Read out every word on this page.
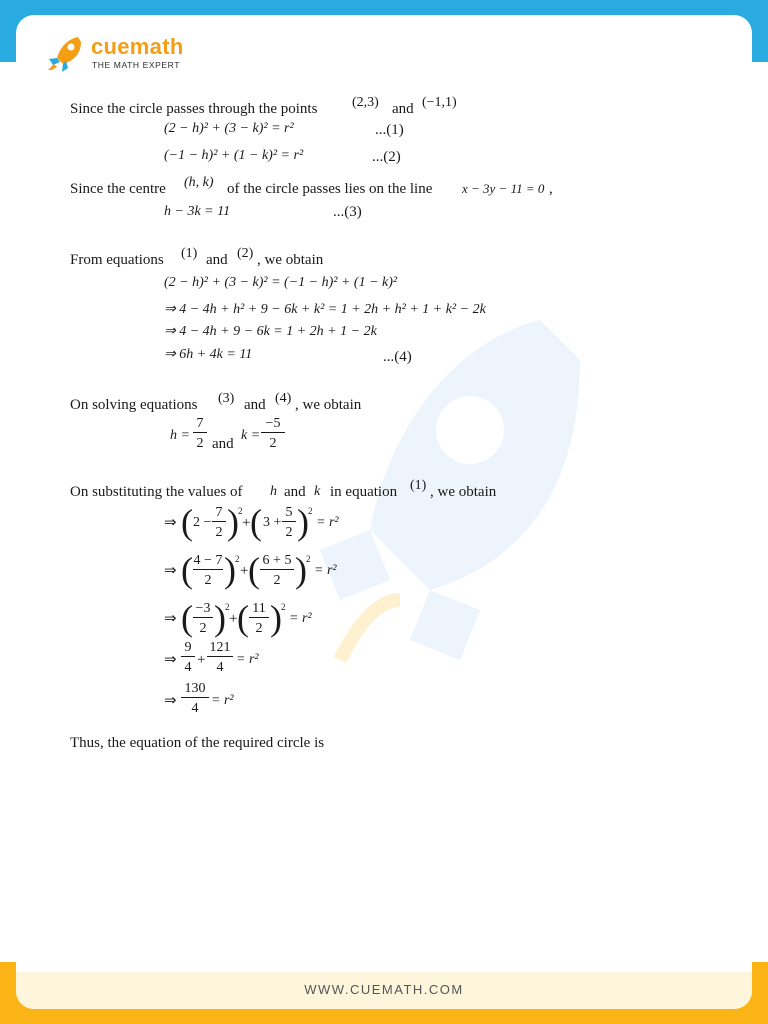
cuemath
THE MATH EXPERT
Since the circle passes through the points (2,3) and (−1,1)
(2 − h)² + (3 − k)² = r²	...(1)
(−1 − h)² + (1 − k)² = r²	...(2)
Since the centre (h, k) of the circle passes lies on the line x − 3y − 11 = 0 ,
h − 3k = 11	...(3)
From equations (1) and (2) , we obtain
(2 − h)² + (3 − k)² = (−1 − h)² + (1 − k)²
⇒ 4 − 4h + h² + 9 − 6k + k² = 1 + 2h + h² + 1 + k² − 2k
⇒ 4 − 4h + 9 − 6k = 1 + 2h + 1 − 2k
⇒ 6h + 4k = 11	...(4)
On solving equations (3) and (4) , we obtain
h =
7
2 and
k =
−5
2
On substituting the values of h and k in equation (1) , we obtain
⇒ ( 2 −
7
2 ) 2
+ ( 3 +
5
2 ) 2
= r²
⇒ ( 4 − 7
2 ) 2
+ ( 6 + 5
2 ) 2
= r²
⇒ ( −3
2 ) 2
+ ( 11
2 ) 2
= r²
⇒
9
4 +
121
4
= r²
⇒
130
4
= r²
Thus, the equation of the required circle is
WWW.CUEMATH.COM
